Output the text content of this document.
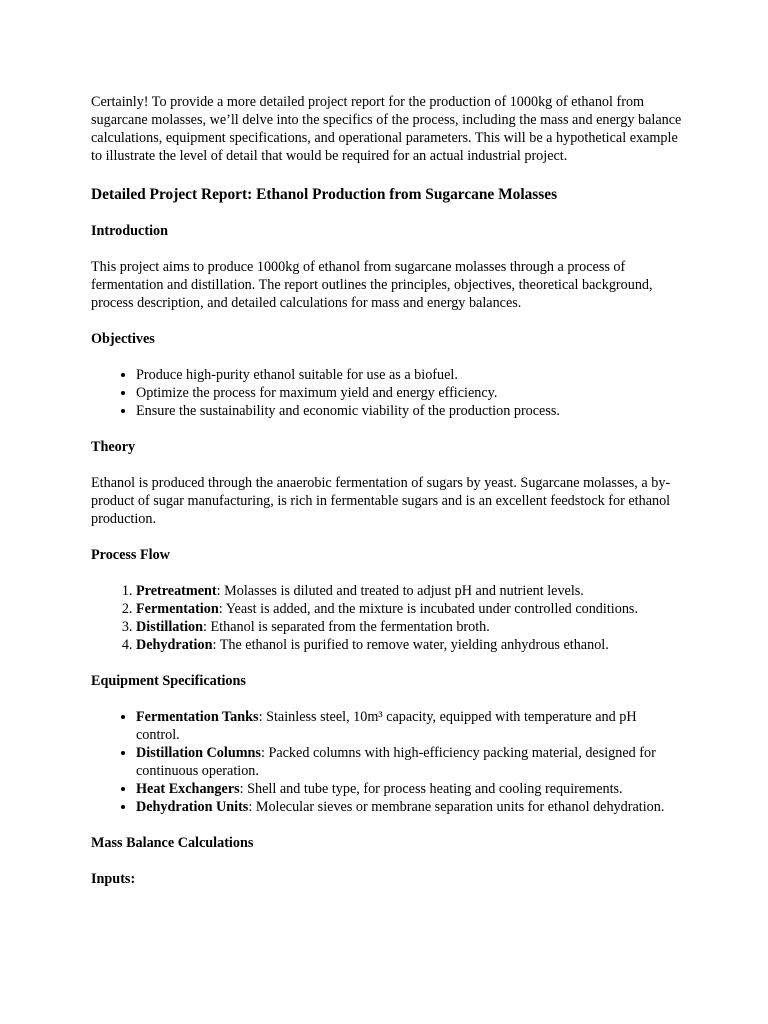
Certainly! To provide a more detailed project report for the production of 1000kg of ethanol from sugarcane molasses, we’ll delve into the specifics of the process, including the mass and energy balance calculations, equipment specifications, and operational parameters. This will be a hypothetical example to illustrate the level of detail that would be required for an actual industrial project.

Detailed Project Report: Ethanol Production from Sugarcane Molasses
Introduction

This project aims to produce 1000kg of ethanol from sugarcane molasses through a process of fermentation and distillation. The report outlines the principles, objectives, theoretical background, process description, and detailed calculations for mass and energy balances.

Objectives
• Produce high-purity ethanol suitable for use as a biofuel.
• Optimize the process for maximum yield and energy efficiency.
• Ensure the sustainability and economic viability of the production process.
Theory

Ethanol is produced through the anaerobic fermentation of sugars by yeast. Sugarcane molasses, a by-product of sugar manufacturing, is rich in fermentable sugars and is an excellent feedstock for ethanol production.

Process Flow
1. Pretreatment: Molasses is diluted and treated to adjust pH and nutrient levels.
2. Fermentation: Yeast is added, and the mixture is incubated under controlled conditions.
3. Distillation: Ethanol is separated from the fermentation broth.
4. Dehydration: The ethanol is purified to remove water, yielding anhydrous ethanol.
Equipment Specifications
• Fermentation Tanks: Stainless steel, 10m³ capacity, equipped with temperature and pH control.
• Distillation Columns: Packed columns with high-efficiency packing material, designed for continuous operation.
• Heat Exchangers: Shell and tube type, for process heating and cooling requirements.
• Dehydration Units: Molecular sieves or membrane separation units for ethanol dehydration.
Mass Balance Calculations
Inputs:
